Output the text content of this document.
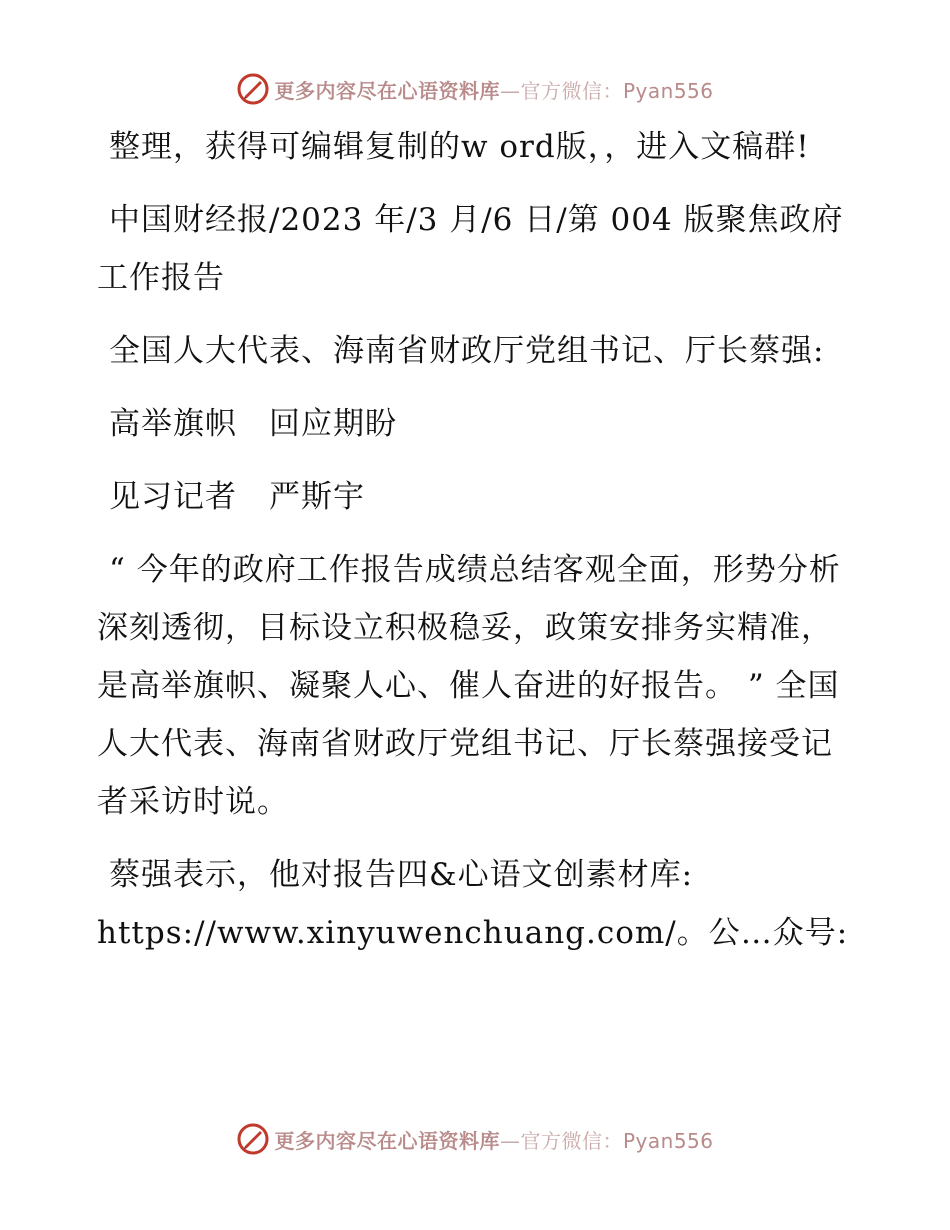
更多内容尽在心语资料库—官方微信：Pyan556

整理，获得可编辑复制的w ord版，，进入文稿群!

中国财经报/2023 年/3 月/6 日/第 004 版聚焦政府工作报告

全国人大代表、海南省财政厅党组书记、厅长蔡强:

高举旗帜　回应期盼

见习记者　严斯宇

“ 今年的政府工作报告成绩总结客观全面，形势分析深刻透彻，目标设立积极稳妥，政策安排务实精准，是高举旗帜、凝聚人心、催人奋进的好报告。 ” 全国人大代表、海南省财政厅党组书记、厅长蔡强接受记者采访时说。

蔡强表示，他对报告四&心语文创素材库:

https://www.xinyuwenchuang.com/。公…众号:

更多内容尽在心语资料库—官方微信：Pyan556
